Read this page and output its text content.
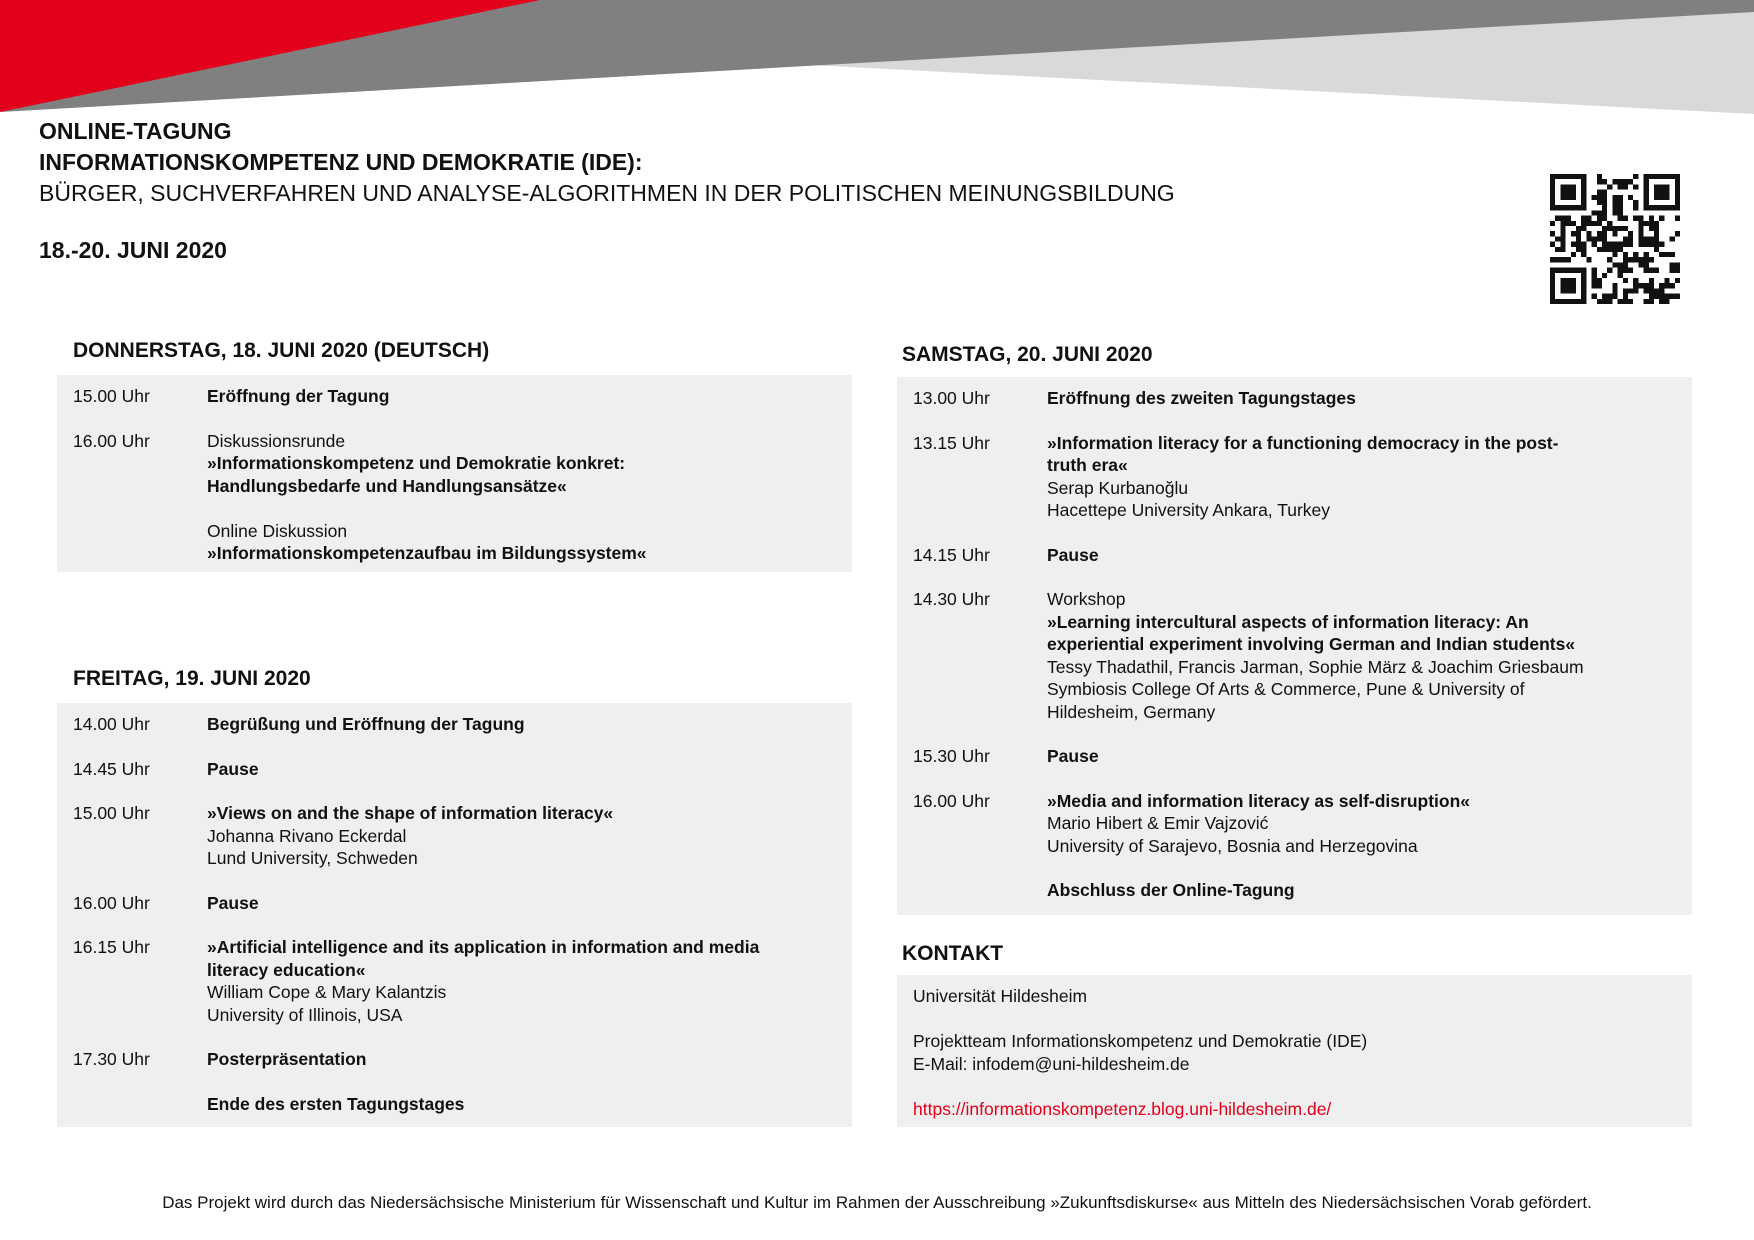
ONLINE-TAGUNG
INFORMATIONSKOMPETENZ UND DEMOKRATIE (IDE):
BÜRGER, SUCHVERFAHREN UND ANALYSE-ALGORITHMEN IN DER POLITISCHEN MEINUNGSBILDUNG
18.-20. JUNI 2020
DONNERSTAG, 18. JUNI 2020 (DEUTSCH)
15.00 Uhr	Eröffnung der Tagung
16.00 Uhr	Diskussionsrunde
»Informationskompetenz und Demokratie konkret:
Handlungsbedarfe und Handlungsansätze«
Online Diskussion
»Informationskompetenzaufbau im Bildungssystem«
FREITAG, 19. JUNI 2020
14.00 Uhr	Begrüßung und Eröffnung der Tagung
14.45 Uhr	Pause
15.00 Uhr	»Views on and the shape of information literacy«
Johanna Rivano Eckerdal
Lund University, Schweden
16.00 Uhr	Pause
16.15 Uhr	»Artificial intelligence and its application in information and media
literacy education«
William Cope & Mary Kalantzis
University of Illinois, USA
17.30 Uhr	Posterpräsentation
Ende des ersten Tagungstages
SAMSTAG, 20. JUNI 2020
13.00 Uhr	Eröffnung des zweiten Tagungstages
13.15 Uhr	»Information literacy for a functioning democracy in the post-
truth era«
Serap Kurbanoğlu
Hacettepe University Ankara, Turkey
14.15 Uhr	Pause
14.30 Uhr	Workshop
»Learning intercultural aspects of information literacy: An
experiential experiment involving German and Indian students«
Tessy Thadathil, Francis Jarman, Sophie März & Joachim Griesbaum
Symbiosis College Of Arts & Commerce, Pune & University of
Hildesheim, Germany
15.30 Uhr	Pause
16.00 Uhr	»Media and information literacy as self-disruption«
Mario Hibert & Emir Vajzović
University of Sarajevo, Bosnia and Herzegovina
Abschluss der Online-Tagung
KONTAKT
Universität Hildesheim
Projektteam Informationskompetenz und Demokratie (IDE)
E-Mail: infodem@uni-hildesheim.de
https://informationskompetenz.blog.uni-hildesheim.de/
Das Projekt wird durch das Niedersächsische Ministerium für Wissenschaft und Kultur im Rahmen der Ausschreibung »Zukunftsdiskurse« aus Mitteln des Niedersächsischen Vorab gefördert.
